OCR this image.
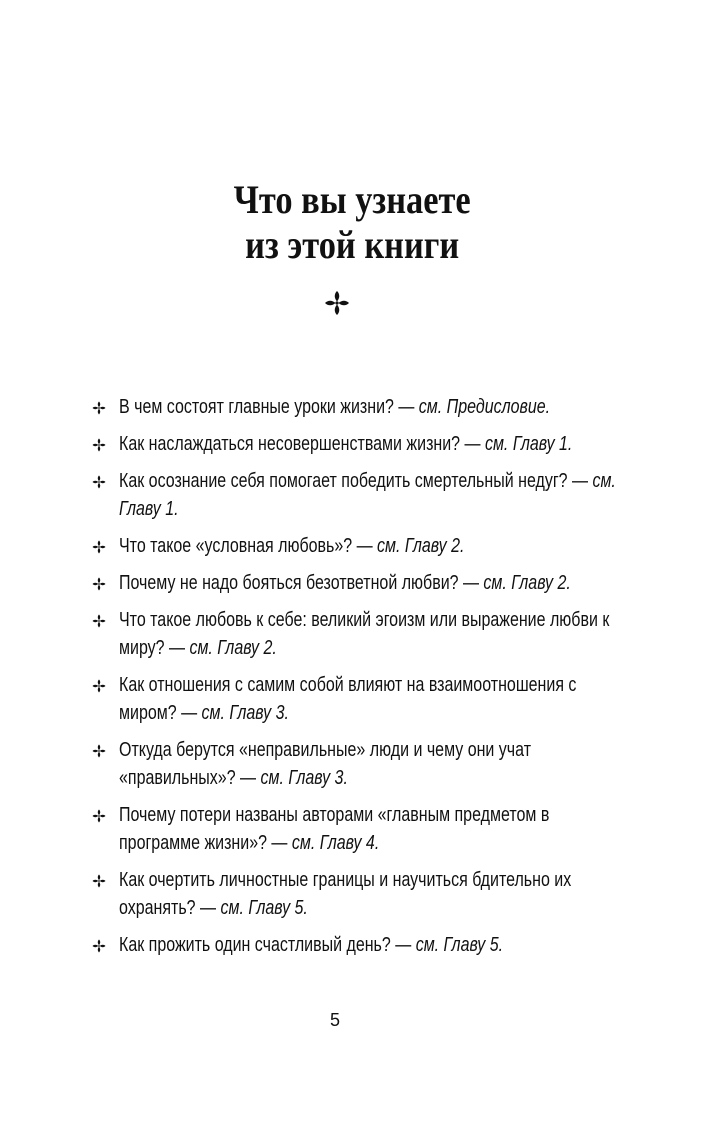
Что вы узнаете
из этой книги
В чем состоят главные уроки жизни? — см. Предисловие.
Как наслаждаться несовершенствами жизни? — см. Главу 1.
Как осознание себя помогает победить смертельный недуг? — см. Главу 1.
Что такое «условная любовь»? — см. Главу 2.
Почему не надо бояться безответной любви? — см. Главу 2.
Что такое любовь к себе: великий эгоизм или выражение любви к миру? — см. Главу 2.
Как отношения с самим собой влияют на взаимоотношения с миром? — см. Главу 3.
Откуда берутся «неправильные» люди и чему они учат «правильных»? — см. Главу 3.
Почему потери названы авторами «главным предметом в программе жизни»? — см. Главу 4.
Как очертить личностные границы и научиться бдительно их охранять? — см. Главу 5.
Как прожить один счастливый день? — см. Главу 5.
5
